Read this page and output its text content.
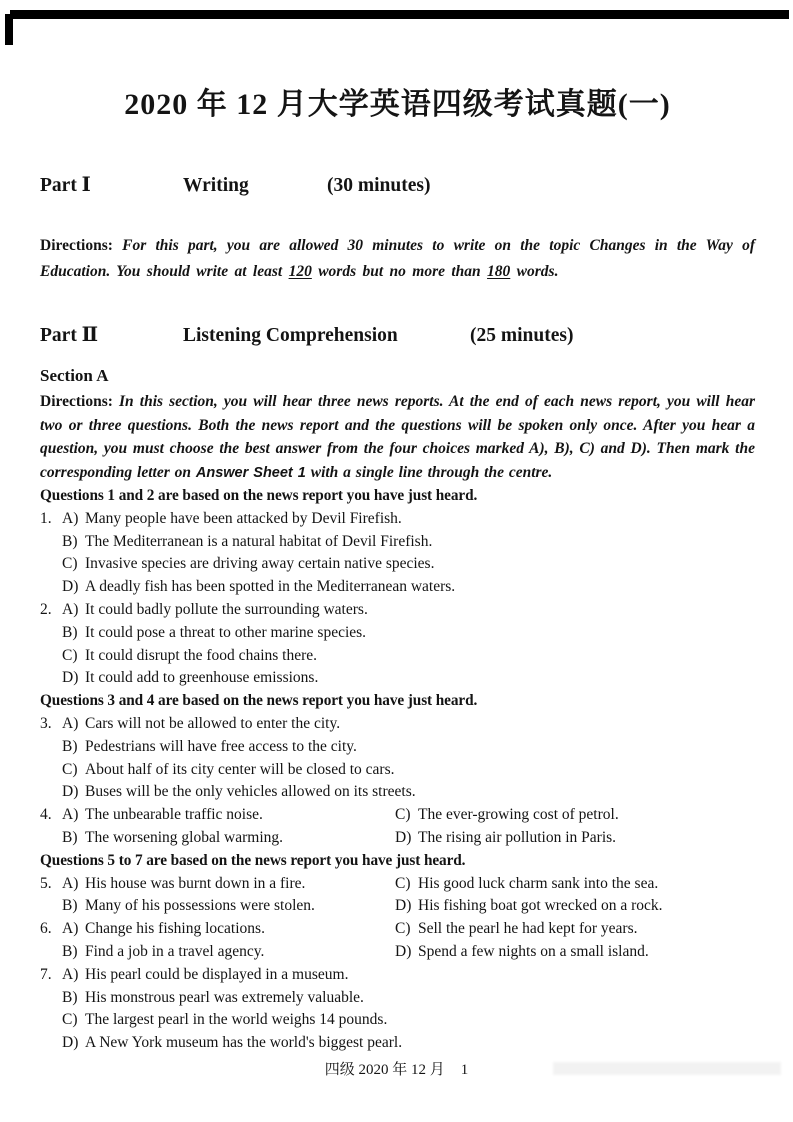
2020 年 12 月大学英语四级考试真题(一)
Part Ⅰ	Writing	(30 minutes)
Directions: For this part, you are allowed 30 minutes to write on the topic Changes in the Way of Education. You should write at least 120 words but no more than 180 words.
Part Ⅱ	Listening Comprehension	(25 minutes)
Section A
Directions: In this section, you will hear three news reports. At the end of each news report, you will hear two or three questions. Both the news report and the questions will be spoken only once. After you hear a question, you must choose the best answer from the four choices marked A), B), C) and D). Then mark the corresponding letter on Answer Sheet 1 with a single line through the centre.
Questions 1 and 2 are based on the news report you have just heard.
1. A) Many people have been attacked by Devil Firefish.
B) The Mediterranean is a natural habitat of Devil Firefish.
C) Invasive species are driving away certain native species.
D) A deadly fish has been spotted in the Mediterranean waters.
2. A) It could badly pollute the surrounding waters.
B) It could pose a threat to other marine species.
C) It could disrupt the food chains there.
D) It could add to greenhouse emissions.
Questions 3 and 4 are based on the news report you have just heard.
3. A) Cars will not be allowed to enter the city.
B) Pedestrians will have free access to the city.
C) About half of its city center will be closed to cars.
D) Buses will be the only vehicles allowed on its streets.
4. A) The unbearable traffic noise.	C) The ever-growing cost of petrol.
B) The worsening global warming.	D) The rising air pollution in Paris.
Questions 5 to 7 are based on the news report you have just heard.
5. A) His house was burnt down in a fire.	C) His good luck charm sank into the sea.
B) Many of his possessions were stolen.	D) His fishing boat got wrecked on a rock.
6. A) Change his fishing locations.	C) Sell the pearl he had kept for years.
B) Find a job in a travel agency.	D) Spend a few nights on a small island.
7. A) His pearl could be displayed in a museum.
B) His monstrous pearl was extremely valuable.
C) The largest pearl in the world weighs 14 pounds.
D) A New York museum has the world's biggest pearl.
四级 2020 年 12 月 1
